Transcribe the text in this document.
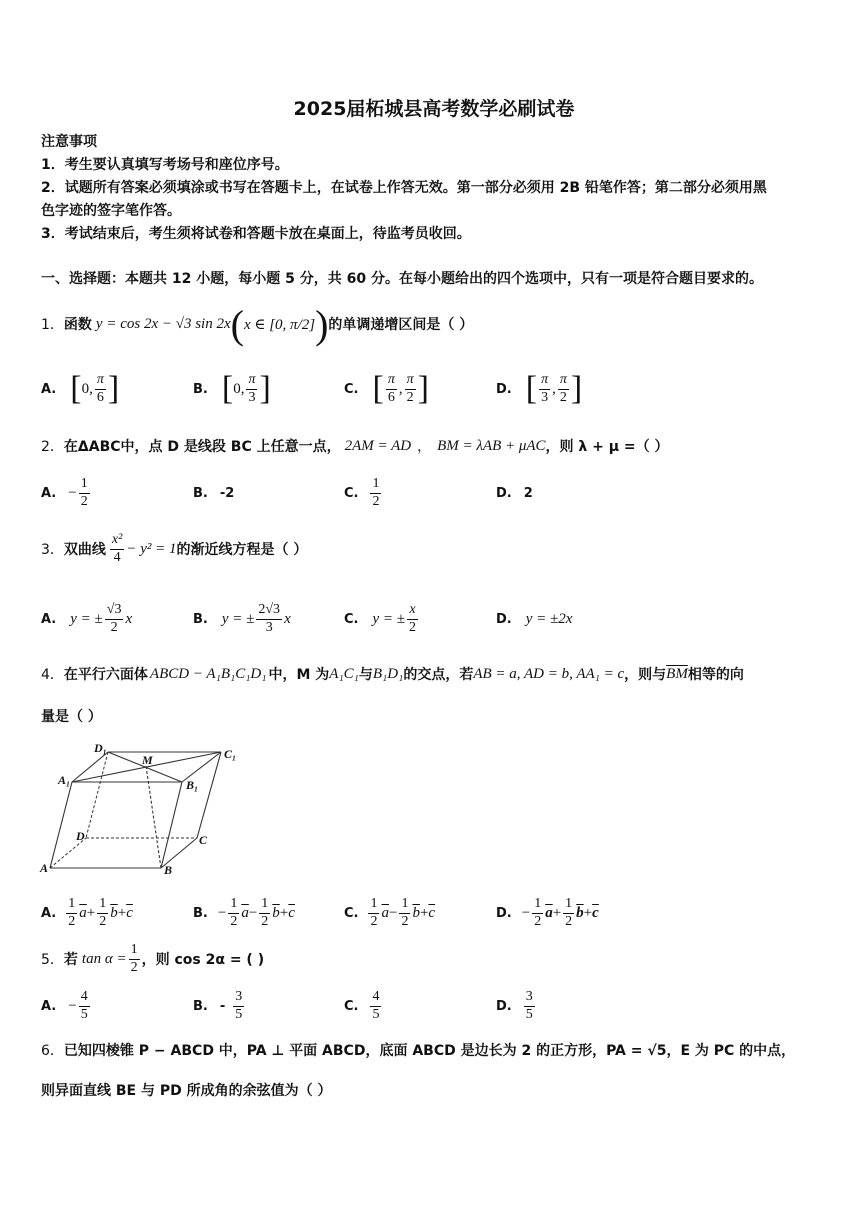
2025届柘城县高考数学必刷试卷
注意事项
1．考生要认真填写考场号和座位序号。
2．试题所有答案必须填涂或书写在答题卡上，在试卷上作答无效。第一部分必须用 2B 铅笔作答；第二部分必须用黑
色字迹的签字笔作答。
3．考试结束后，考生须将试卷和答题卡放在桌面上，待监考员收回。
一、选择题：本题共 12 小题，每小题 5 分，共 60 分。在每小题给出的四个选项中，只有一项是符合题目要求的。
1． 函数 y = cos 2x − √3 sin 2x ( x ∈ [0, π/2] ) 的单调递增区间是（ ）
A. [ 0, $\frac{\pi}{6}$ ]	B. [ 0, $\frac{\pi}{3}$ ]	C. [ $\frac{\pi}{6}$ , $\frac{\pi}{2}$ ]	D. [ $\frac{\pi}{3}$ , $\frac{\pi}{2}$ ]
2． 在ΔABC中，点 D 是线段 BC 上任意一点， 2AM = AD ， BM = λAB + μAC ，则 λ + μ =（ ）
A. − $\frac{1}{2}$	B. -2	C. $\frac{1}{2}$	D. 2
3． 双曲线 $\frac{\text{x²}}{4} - y^2 = 1$ 的渐近线方程是（ ）
A. y = ± $\frac{√3}{2}$ x	B. y = ± $\frac{2√3}{3}$ x	C. y = ± $\frac{x}{2}$	D. y = ±2x
4． 在平行六面体 ABCD − A₁B₁C₁D₁ 中，M 为 A₁C₁ 与 B₁D₁ 的交点，若 AB = a, AD = b, AA₁ = c ，则与 $\overline{BM}$ 相等的向
量是（ ）
D₁
M	C₁
A₁	B₁
D	C
A	B
A. $\frac{1}{2} \overline{a} + \frac{1}{2} \overline{b} + \overline{c}$	B. − $\frac{1}{2} \overline{a} - \frac{1}{2} \overline{b} + \overline{c}$	C. $\frac{1}{2} \overline{a} - \frac{1}{2} \overline{b} + \overline{c}$	D. − $\frac{1}{2} \overline{a} + \frac{1}{2} \overline{b} + \overline{c}$
5． 若 $\tan \alpha = \frac{1}{2}$ ，则 cos 2α = ( )
A. − $\frac{4}{5}$	B. - $\frac{3}{5}$	C. $\frac{4}{5}$	D. $\frac{3}{5}$
6． 已知四棱锥 P − ABCD 中，PA ⊥ 平面 ABCD，底面 ABCD 是边长为 2 的正方形，PA = √5，E 为 PC 的中点，
则异面直线 BE 与 PD 所成角的余弦值为（ ）
